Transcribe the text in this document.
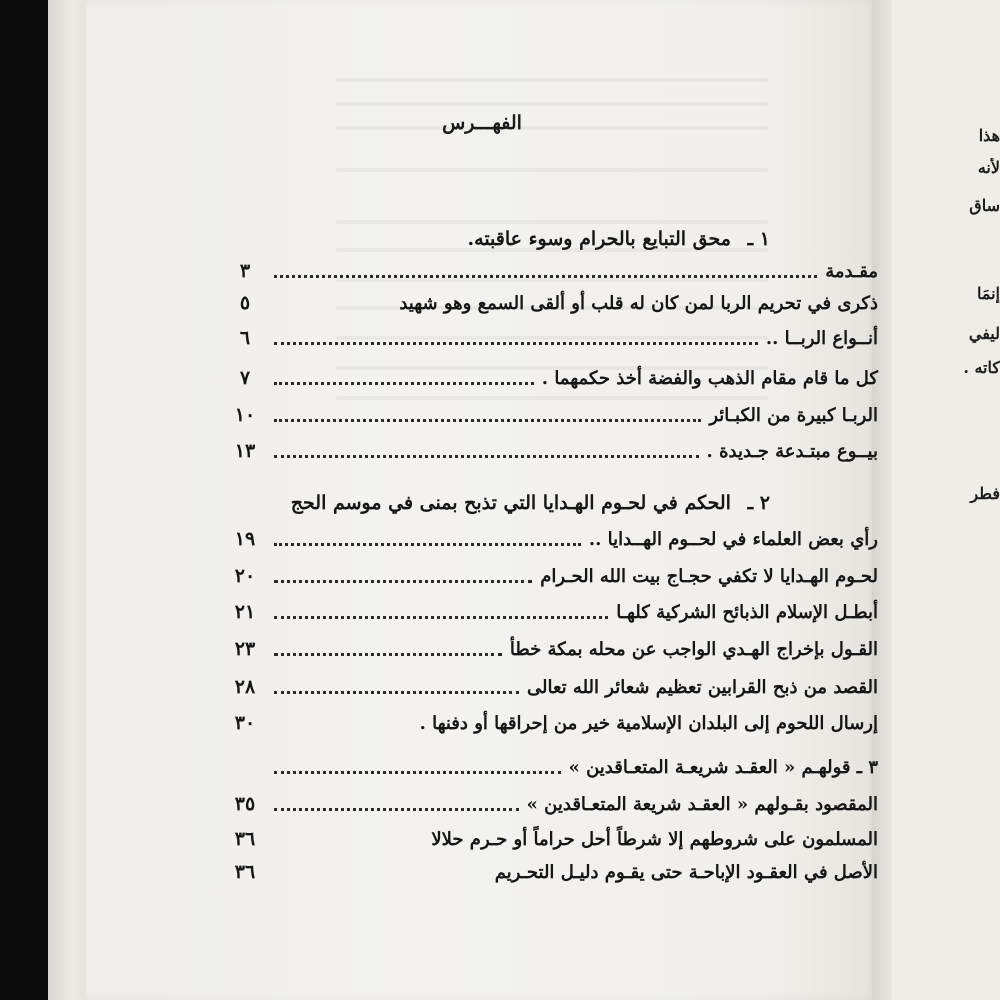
هذا
لأنه
ساق
إنمَا
ليفي
كاته .
فطر
الفهـــرس
١ ـ محق التبايع بالحرام وسوء عاقبته.
مقـدمة
٣
ذكرى في تحريم الربا لمن كان له قلب أو ألقى السمع وهو شهيد
٥
أنــواع الربــا ..
٦
كل ما قام مقام الذهب والفضة أخذ حكمهما .
٧
الربـا كبيرة من الكبـائر
١٠
بيــوع مبتـدعة جـديدة .
١٣
٢ ـ الحكم في لحـوم الهـدايا التي تذبح بمنى في موسم الحج
رأي بعض العلماء في لحــوم الهــدايا ..
١٩
لحـوم الهـدايا لا تكفي حجـاج بيت الله الحـرام
٢٠
أبطـل الإسلام الذبائح الشركية كلهـا
٢١
القـول بإخراج الهـدي الواجب عن محله بمكة خطأ
٢٣
القصد من ذبح القرابين تعظيم شعائر الله تعالى
٢٨
إرسال اللحوم إلى البلدان الإسلامية خير من إحراقها أو دفنها .
٣٠
٣ ـ قولهـم « العقـد شريعـة المتعـاقدين »
المقصود بقـولهم « العقـد شريعة المتعـاقدين »
٣٥
المسلمون على شروطهم إلا شرطاً أحل حراماً أو حـرم حلالا
٣٦
الأصل في العقـود الإباحـة حتى يقـوم دليـل التحـريم
٣٦
